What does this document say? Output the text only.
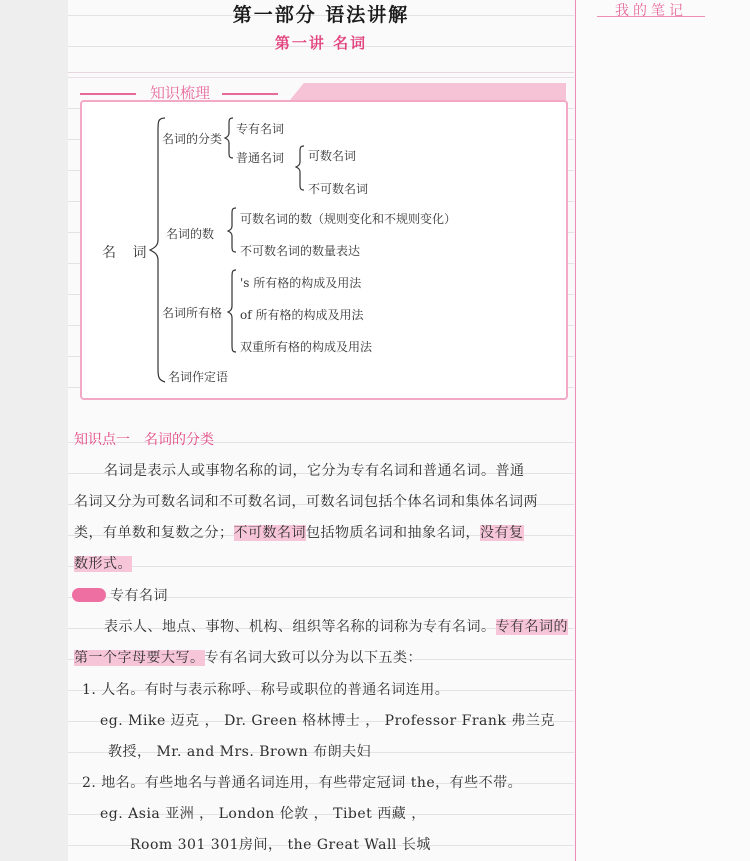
我的笔记
第一部分 语法讲解
第一讲 名词
知识梳理
名 词
名词的分类
专有名词
普通名词 可数名词
不可数名词
名词的数
可数名词的数（规则变化和不规则变化）
不可数名词的数量表达
名词所有格
's 所有格的构成及用法
of 所有格的构成及用法
双重所有格的构成及用法
名词作定语
知识点一　名词的分类
名词是表示人或事物名称的词，它分为专有名词和普通名词。普通
名词又分为可数名词和不可数名词，可数名词包括个体名词和集体名词两
类，有单数和复数之分；不可数名词包括物质名词和抽象名词，没有复
数形式。
专有名词
表示人、地点、事物、机构、组织等名称的词称为专有名词。专有名词的
第一个字母要大写。专有名词大致可以分为以下五类：
1. 人名。有时与表示称呼、称号或职位的普通名词连用。
eg. Mike 迈克 ， Dr. Green 格林博士 ， Professor Frank 弗兰克
教授， Mr. and Mrs. Brown 布朗夫妇
2. 地名。有些地名与普通名词连用，有些带定冠词 the，有些不带。
eg. Asia 亚洲 ， London 伦敦 ， Tibet 西藏 ，
Room 301 301房间， the Great Wall 长城
